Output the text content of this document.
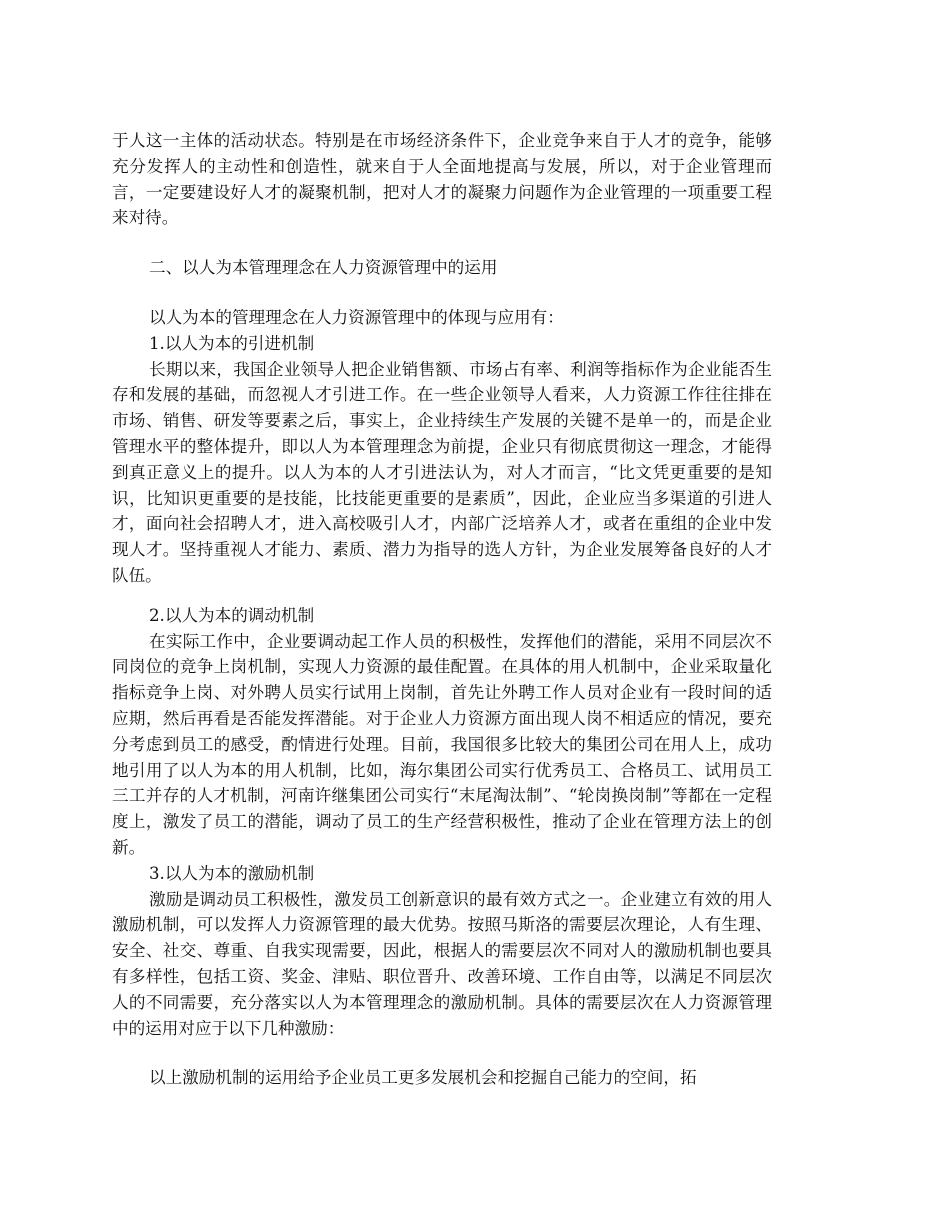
于人这一主体的活动状态。特别是在市场经济条件下，企业竞争来自于人才的竞争，能够充分发挥人的主动性和创造性，就来自于人全面地提高与发展，所以，对于企业管理而言，一定要建设好人才的凝聚机制，把对人才的凝聚力问题作为企业管理的一项重要工程来对待。

二、以人为本管理理念在人力资源管理中的运用

以人为本的管理理念在人力资源管理中的体现与应用有：

1.以人为本的引进机制

长期以来，我国企业领导人把企业销售额、市场占有率、利润等指标作为企业能否生存和发展的基础，而忽视人才引进工作。在一些企业领导人看来，人力资源工作往往排在市场、销售、研发等要素之后，事实上，企业持续生产发展的关键不是单一的，而是企业管理水平的整体提升，即以人为本管理理念为前提，企业只有彻底贯彻这一理念，才能得到真正意义上的提升。以人为本的人才引进法认为，对人才而言，“比文凭更重要的是知识，比知识更重要的是技能，比技能更重要的是素质”，因此，企业应当多渠道的引进人才，面向社会招聘人才，进入高校吸引人才，内部广泛培养人才，或者在重组的企业中发现人才。坚持重视人才能力、素质、潜力为指导的选人方针，为企业发展筹备良好的人才队伍。

2.以人为本的调动机制

在实际工作中，企业要调动起工作人员的积极性，发挥他们的潜能，采用不同层次不同岗位的竞争上岗机制，实现人力资源的最佳配置。在具体的用人机制中，企业采取量化指标竞争上岗、对外聘人员实行试用上岗制，首先让外聘工作人员对企业有一段时间的适应期，然后再看是否能发挥潜能。对于企业人力资源方面出现人岗不相适应的情况，要充分考虑到员工的感受，酌情进行处理。目前，我国很多比较大的集团公司在用人上，成功地引用了以人为本的用人机制，比如，海尔集团公司实行优秀员工、合格员工、试用员工三工并存的人才机制，河南许继集团公司实行“末尾淘汰制”、“轮岗换岗制”等都在一定程度上，激发了员工的潜能，调动了员工的生产经营积极性，推动了企业在管理方法上的创新。

3.以人为本的激励机制

激励是调动员工积极性，激发员工创新意识的最有效方式之一。企业建立有效的用人激励机制，可以发挥人力资源管理的最大优势。按照马斯洛的需要层次理论，人有生理、安全、社交、尊重、自我实现需要，因此，根据人的需要层次不同对人的激励机制也要具有多样性，包括工资、奖金、津贴、职位晋升、改善环境、工作自由等，以满足不同层次人的不同需要，充分落实以人为本管理理念的激励机制。具体的需要层次在人力资源管理中的运用对应于以下几种激励：

以上激励机制的运用给予企业员工更多发展机会和挖掘自己能力的空间，拓
